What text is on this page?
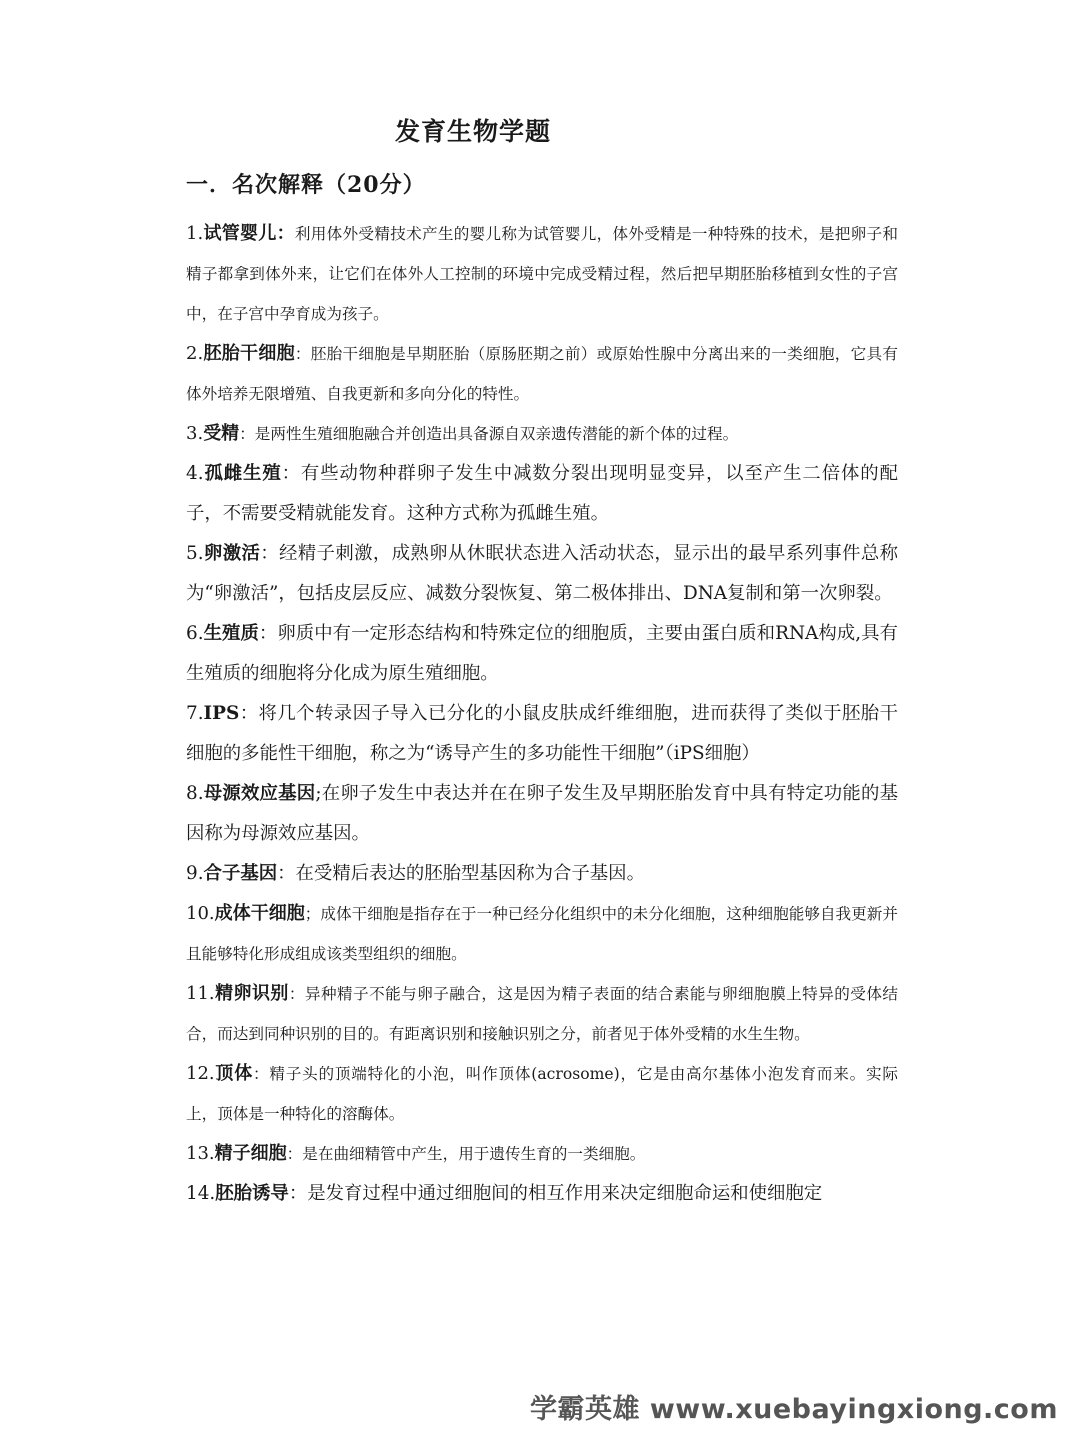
发育生物学题
一．名次解释（20分）

1.试管婴儿：利用体外受精技术产生的婴儿称为试管婴儿，体外受精是一种特殊的技术，是把卵子和精子都拿到体外来，让它们在体外人工控制的环境中完成受精过程，然后把早期胚胎移植到女性的子宫中，在子宫中孕育成为孩子。

2.胚胎干细胞：胚胎干细胞是早期胚胎（原肠胚期之前）或原始性腺中分离出来的一类细胞，它具有体外培养无限增殖、自我更新和多向分化的特性。

3.受精：是两性生殖细胞融合并创造出具备源自双亲遗传潜能的新个体的过程。

4.孤雌生殖：有些动物种群卵子发生中减数分裂出现明显变异，以至产生二倍体的配子，不需要受精就能发育。这种方式称为孤雌生殖。

5.卵激活：经精子刺激，成熟卵从休眠状态进入活动状态，显示出的最早系列事件总称为“卵激活”，包括皮层反应、减数分裂恢复、第二极体排出、DNA复制和第一次卵裂。

6.生殖质：卵质中有一定形态结构和特殊定位的细胞质，主要由蛋白质和RNA构成,具有生殖质的细胞将分化成为原生殖细胞。

7.IPS：将几个转录因子导入已分化的小鼠皮肤成纤维细胞，进而获得了类似于胚胎干细胞的多能性干细胞，称之为“诱导产生的多功能性干细胞”（iPS细胞）

8.母源效应基因;在卵子发生中表达并在在卵子发生及早期胚胎发育中具有特定功能的基因称为母源效应基因。

9.合子基因：在受精后表达的胚胎型基因称为合子基因。

10.成体干细胞；成体干细胞是指存在于一种已经分化组织中的未分化细胞，这种细胞能够自我更新并且能够特化形成组成该类型组织的细胞。

11.精卵识别：异种精子不能与卵子融合，这是因为精子表面的结合素能与卵细胞膜上特异的受体结合，而达到同种识别的目的。有距离识别和接触识别之分，前者见于体外受精的水生生物。

12.顶体：精子头的顶端特化的小泡，叫作顶体(acrosome)，它是由高尔基体小泡发育而来。实际上，顶体是一种特化的溶酶体。

13.精子细胞：是在曲细精管中产生，用于遗传生育的一类细胞。

14.胚胎诱导：是发育过程中通过细胞间的相互作用来决定细胞命运和使细胞定

学霸英雄 www.xuebayingxiong.com
